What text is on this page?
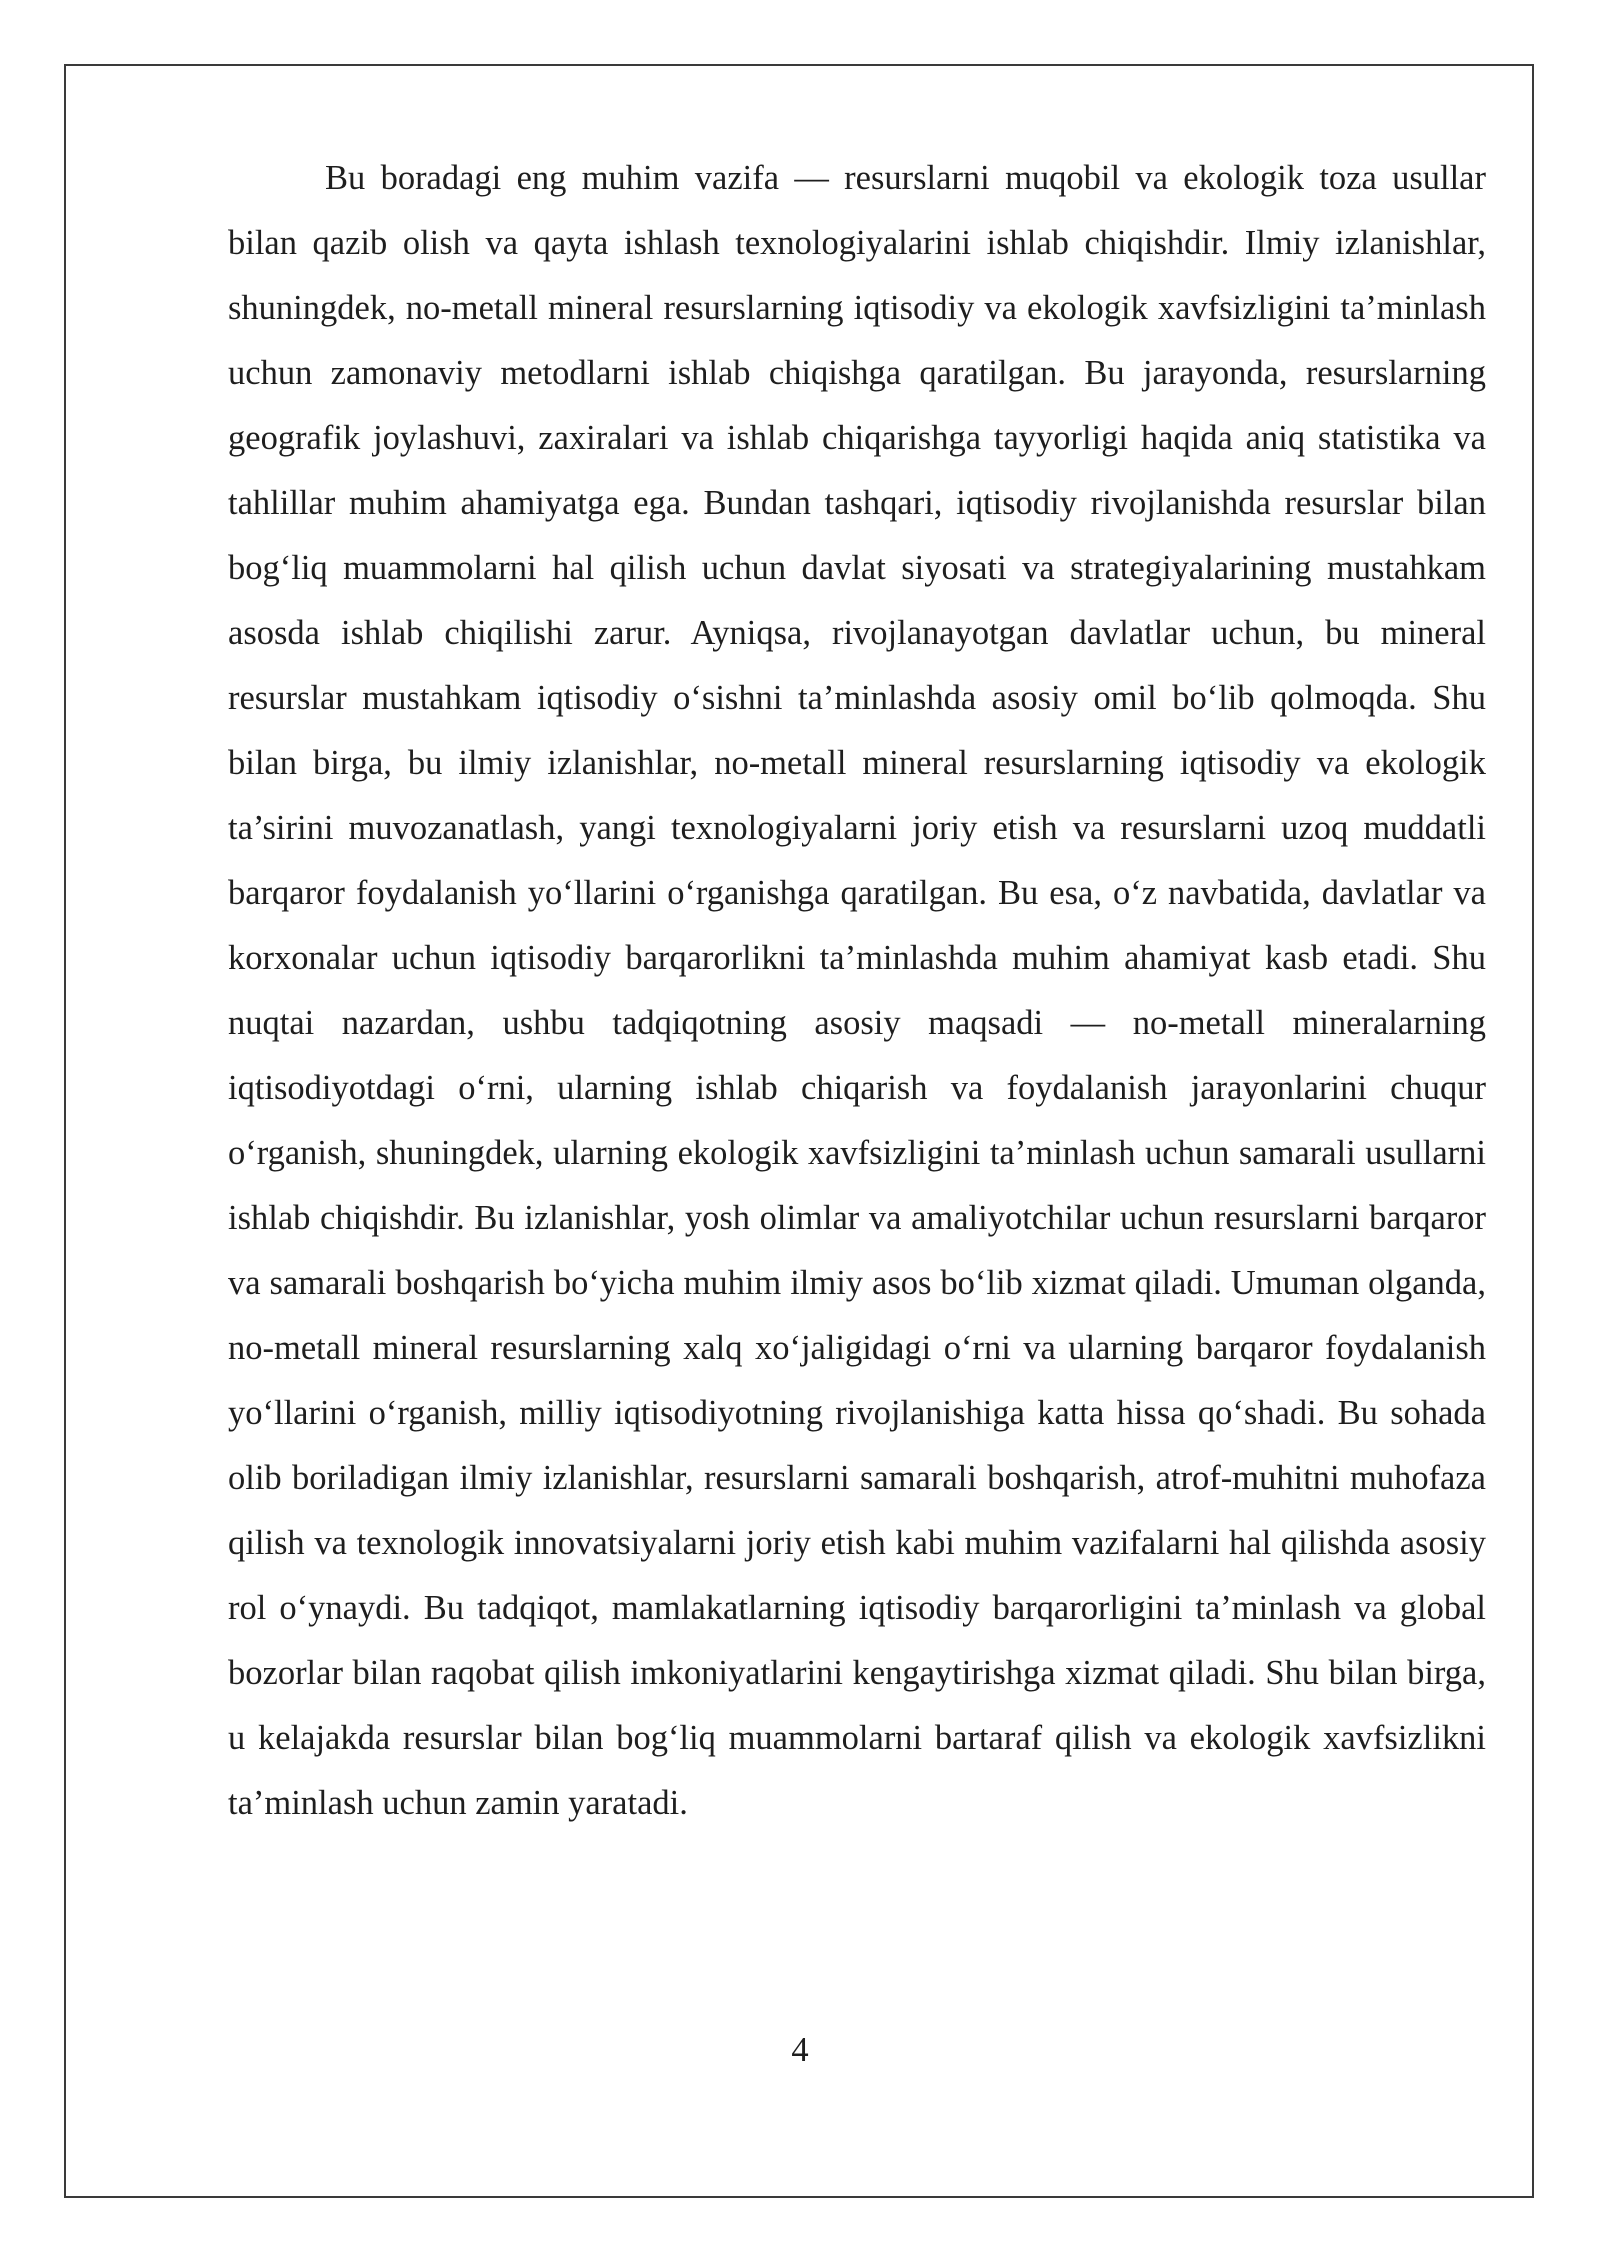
Bu boradagi eng muhim vazifa — resurslarni muqobil va ekologik toza usullar bilan qazib olish va qayta ishlash texnologiyalarini ishlab chiqishdir. Ilmiy izlanishlar, shuningdek, no-metall mineral resurslarning iqtisodiy va ekologik xavfsizligini ta’minlash uchun zamonaviy metodlarni ishlab chiqishga qaratilgan. Bu jarayonda, resurslarning geografik joylashuvi, zaxiralari va ishlab chiqarishga tayyorligi haqida aniq statistika va tahlillar muhim ahamiyatga ega. Bundan tashqari, iqtisodiy rivojlanishda resurslar bilan bog‘liq muammolarni hal qilish uchun davlat siyosati va strategiyalarining mustahkam asosda ishlab chiqilishi zarur. Ayniqsa, rivojlanayotgan davlatlar uchun, bu mineral resurslar mustahkam iqtisodiy o‘sishni ta’minlashda asosiy omil bo‘lib qolmoqda. Shu bilan birga, bu ilmiy izlanishlar, no-metall mineral resurslarning iqtisodiy va ekologik ta’sirini muvozanatlash, yangi texnologiyalarni joriy etish va resurslarni uzoq muddatli barqaror foydalanish yo‘llarini o‘rganishga qaratilgan. Bu esa, o‘z navbatida, davlatlar va korxonalar uchun iqtisodiy barqarorlikni ta’minlashda muhim ahamiyat kasb etadi. Shu nuqtai nazardan, ushbu tadqiqotning asosiy maqsadi — no-metall mineralarning iqtisodiyotdagi o‘rni, ularning ishlab chiqarish va foydalanish jarayonlarini chuqur o‘rganish, shuningdek, ularning ekologik xavfsizligini ta’minlash uchun samarali usullarni ishlab chiqishdir. Bu izlanishlar, yosh olimlar va amaliyotchilar uchun resurslarni barqaror va samarali boshqarish bo‘yicha muhim ilmiy asos bo‘lib xizmat qiladi. Umuman olganda, no-metall mineral resurslarning xalq xo‘jaligidagi o‘rni va ularning barqaror foydalanish yo‘llarini o‘rganish, milliy iqtisodiyotning rivojlanishiga katta hissa qo‘shadi. Bu sohada olib boriladigan ilmiy izlanishlar, resurslarni samarali boshqarish, atrof-muhitni muhofaza qilish va texnologik innovatsiyalarni joriy etish kabi muhim vazifalarni hal qilishda asosiy rol o‘ynaydi. Bu tadqiqot, mamlakatlarning iqtisodiy barqarorligini ta’minlash va global bozorlar bilan raqobat qilish imkoniyatlarini kengaytirishga xizmat qiladi. Shu bilan birga, u kelajakda resurslar bilan bog‘liq muammolarni bartaraf qilish va ekologik xavfsizlikni ta’minlash uchun zamin yaratadi.

4
